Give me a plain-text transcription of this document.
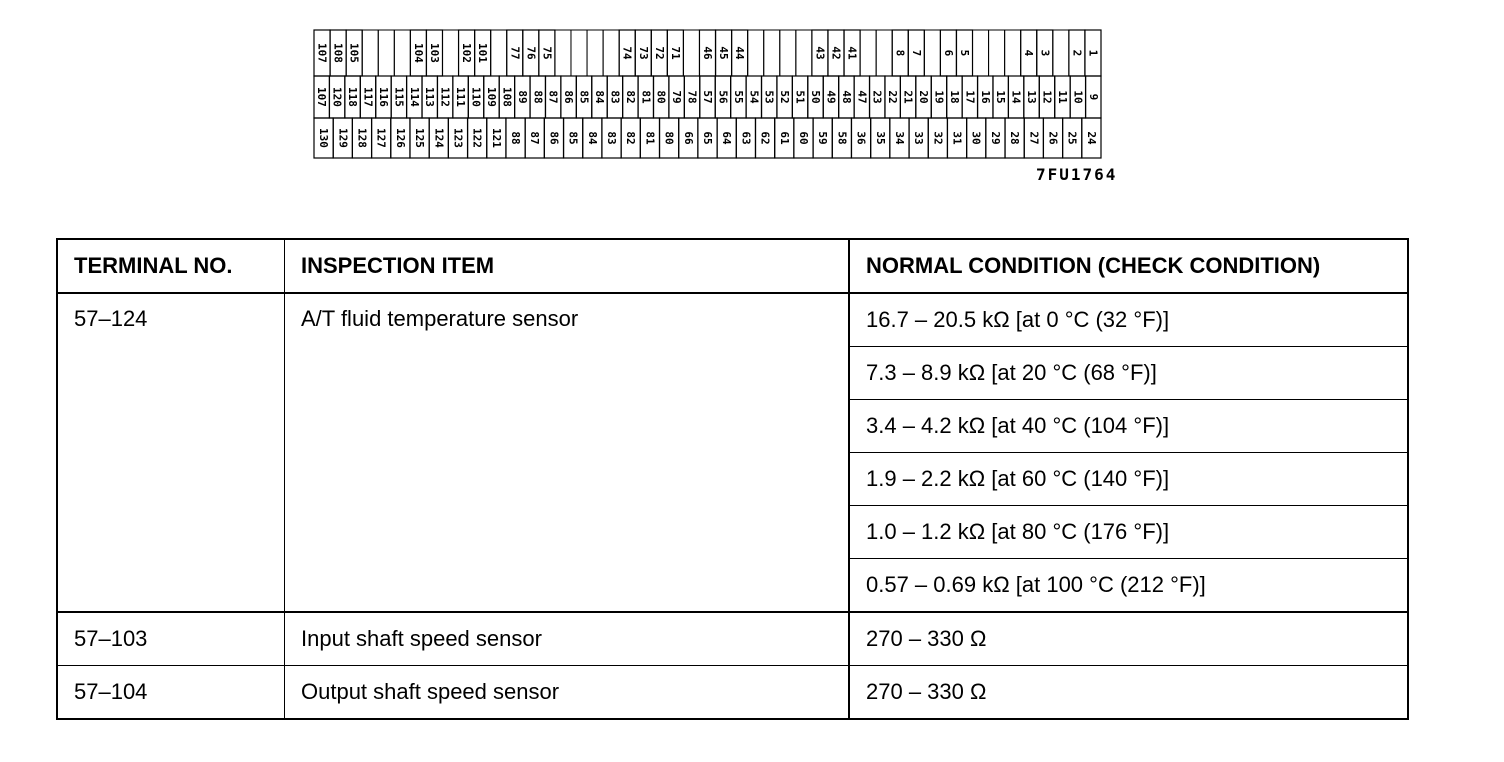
107 108 105	104 103 102 101 77 76 75	74 73 72 71 46 45 44	43 42 41	8 7 6 5	4 3 2 1
107 120 118 117 116 115 114 113 112 111 110 109 108 89 88 87 86 85 84 83 82 81 80 79 78 57 56 55 54 53 52 51 50 49 48 47 23 22 21 20 19 18 17 16 15 14 13 12 11 10 9
130 129 128 127 126 125 124 123 122 121 88 87 86 85 84 83 82 81 80 66 65 64 63 62 61 60 59 58 36 35 34 33 32 31 30 29 28 27 26 25 24
7FU1764
TERMINAL NO.	INSPECTION ITEM	NORMAL CONDITION (CHECK CONDITION)
57–124	A/T fluid temperature sensor	16.7 – 20.5 kΩ [at 0 °C (32 °F)]
		7.3 – 8.9 kΩ [at 20 °C (68 °F)]
		3.4 – 4.2 kΩ [at 40 °C (104 °F)]
		1.9 – 2.2 kΩ [at 60 °C (140 °F)]
		1.0 – 1.2 kΩ [at 80 °C (176 °F)]
		0.57 – 0.69 kΩ [at 100 °C (212 °F)]
57–103	Input shaft speed sensor	270 – 330 Ω
57–104	Output shaft speed sensor	270 – 330 Ω
